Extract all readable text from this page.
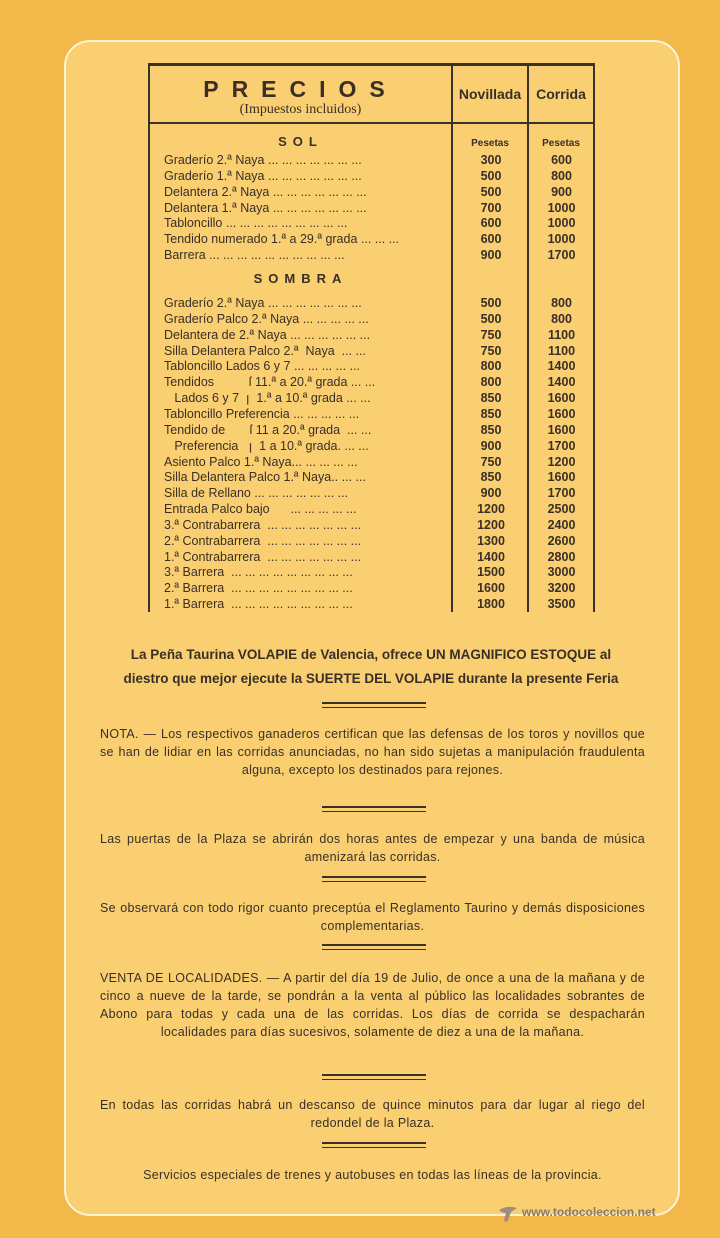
PRECIOS
(Impuestos incluidos)
Novillada	Corrida
Pesetas	Pesetas
SOL
Graderío 2.ª Naya ... ... ... ... ... ... ...	300	600
Graderío 1.ª Naya ... ... ... ... ... ... ...	500	800
Delantera 2.ª Naya ... ... ... ... ... ... ...	500	900
Delantera 1.ª Naya ... ... ... ... ... ... ...	700	1000
Tabloncillo ... ... ... ... ... ... ... ... ...	600	1000
Tendido numerado 1.ª a 29.ª grada ... ... ...	600	1000
Barrera ... ... ... ... ... ... ... ... ... ...	900	1700
SOMBRA
Graderío 2.ª Naya ... ... ... ... ... ... ...	500	800
Graderío Palco 2.ª Naya ... ... ... ... ...	500	800
Delantera de 2.ª Naya ... ... ... ... ... ...	750	1100
Silla Delantera Palco 2.ª  Naya  ... ...	750	1100
Tabloncillo Lados 6 y 7 ... ... ... ... ...	800	1400
Tendidos          ſ 11.ª a 20.ª grada ... ...	800	1400
Lados 6 y 7  ꞁ  1.ª a 10.ª grada ... ...	850	1600
Tabloncillo Preferencia ... ... ... ... ...	850	1600
Tendido de       ſ 11 a 20.ª grada  ... ...	850	1600
Preferencia   ꞁ  1 a 10.ª grada. ... ...	900	1700
Asiento Palco 1.ª Naya... ... ... ... ...	750	1200
Silla Delantera Palco 1.ª Naya.. ... ...	850	1600
Silla de Rellano ... ... ... ... ... ... ...	900	1700
Entrada Palco bajo      ... ... ... ... ...	1200	2500
3.ª Contrabarrera  ... ... ... ... ... ... ...	1200	2400
2.ª Contrabarrera  ... ... ... ... ... ... ...	1300	2600
1.ª Contrabarrera  ... ... ... ... ... ... ...	1400	2800
3.ª Barrera  ... ... ... ... ... ... ... ... ...	1500	3000
2.ª Barrera  ... ... ... ... ... ... ... ... ...	1600	3200
1.ª Barrera  ... ... ... ... ... ... ... ... ...	1800	3500
La Peña Taurina VOLAPIE de Valencia, ofrece UN MAGNIFICO ESTOQUE al
diestro que mejor ejecute la SUERTE DEL VOLAPIE durante la presente Feria
NOTA. — Los respectivos ganaderos certifican que las defensas de los toros y novillos que se han de lidiar en las corridas anunciadas, no han sido sujetas a manipulación fraudulenta alguna, excepto los destinados para rejones.
Las puertas de la Plaza se abrirán dos horas antes de empezar y una banda de música amenizará las corridas.
Se observará con todo rigor cuanto preceptúa el Reglamento Taurino y demás disposiciones complementarias.
VENTA DE LOCALIDADES. — A partir del día 19 de Julio, de once a una de la mañana y de cinco a nueve de la tarde, se pondrán a la venta al público las localidades sobrantes de Abono para todas y cada una de las corridas. Los días de corrida se despacharán localidades para días sucesivos, solamente de diez a una de la mañana.
En todas las corridas habrá un descanso de quince minutos para dar lugar al riego del redondel de la Plaza.
Servicios especiales de trenes y autobuses en todas las líneas de la provincia.
www.todocoleccion.net
